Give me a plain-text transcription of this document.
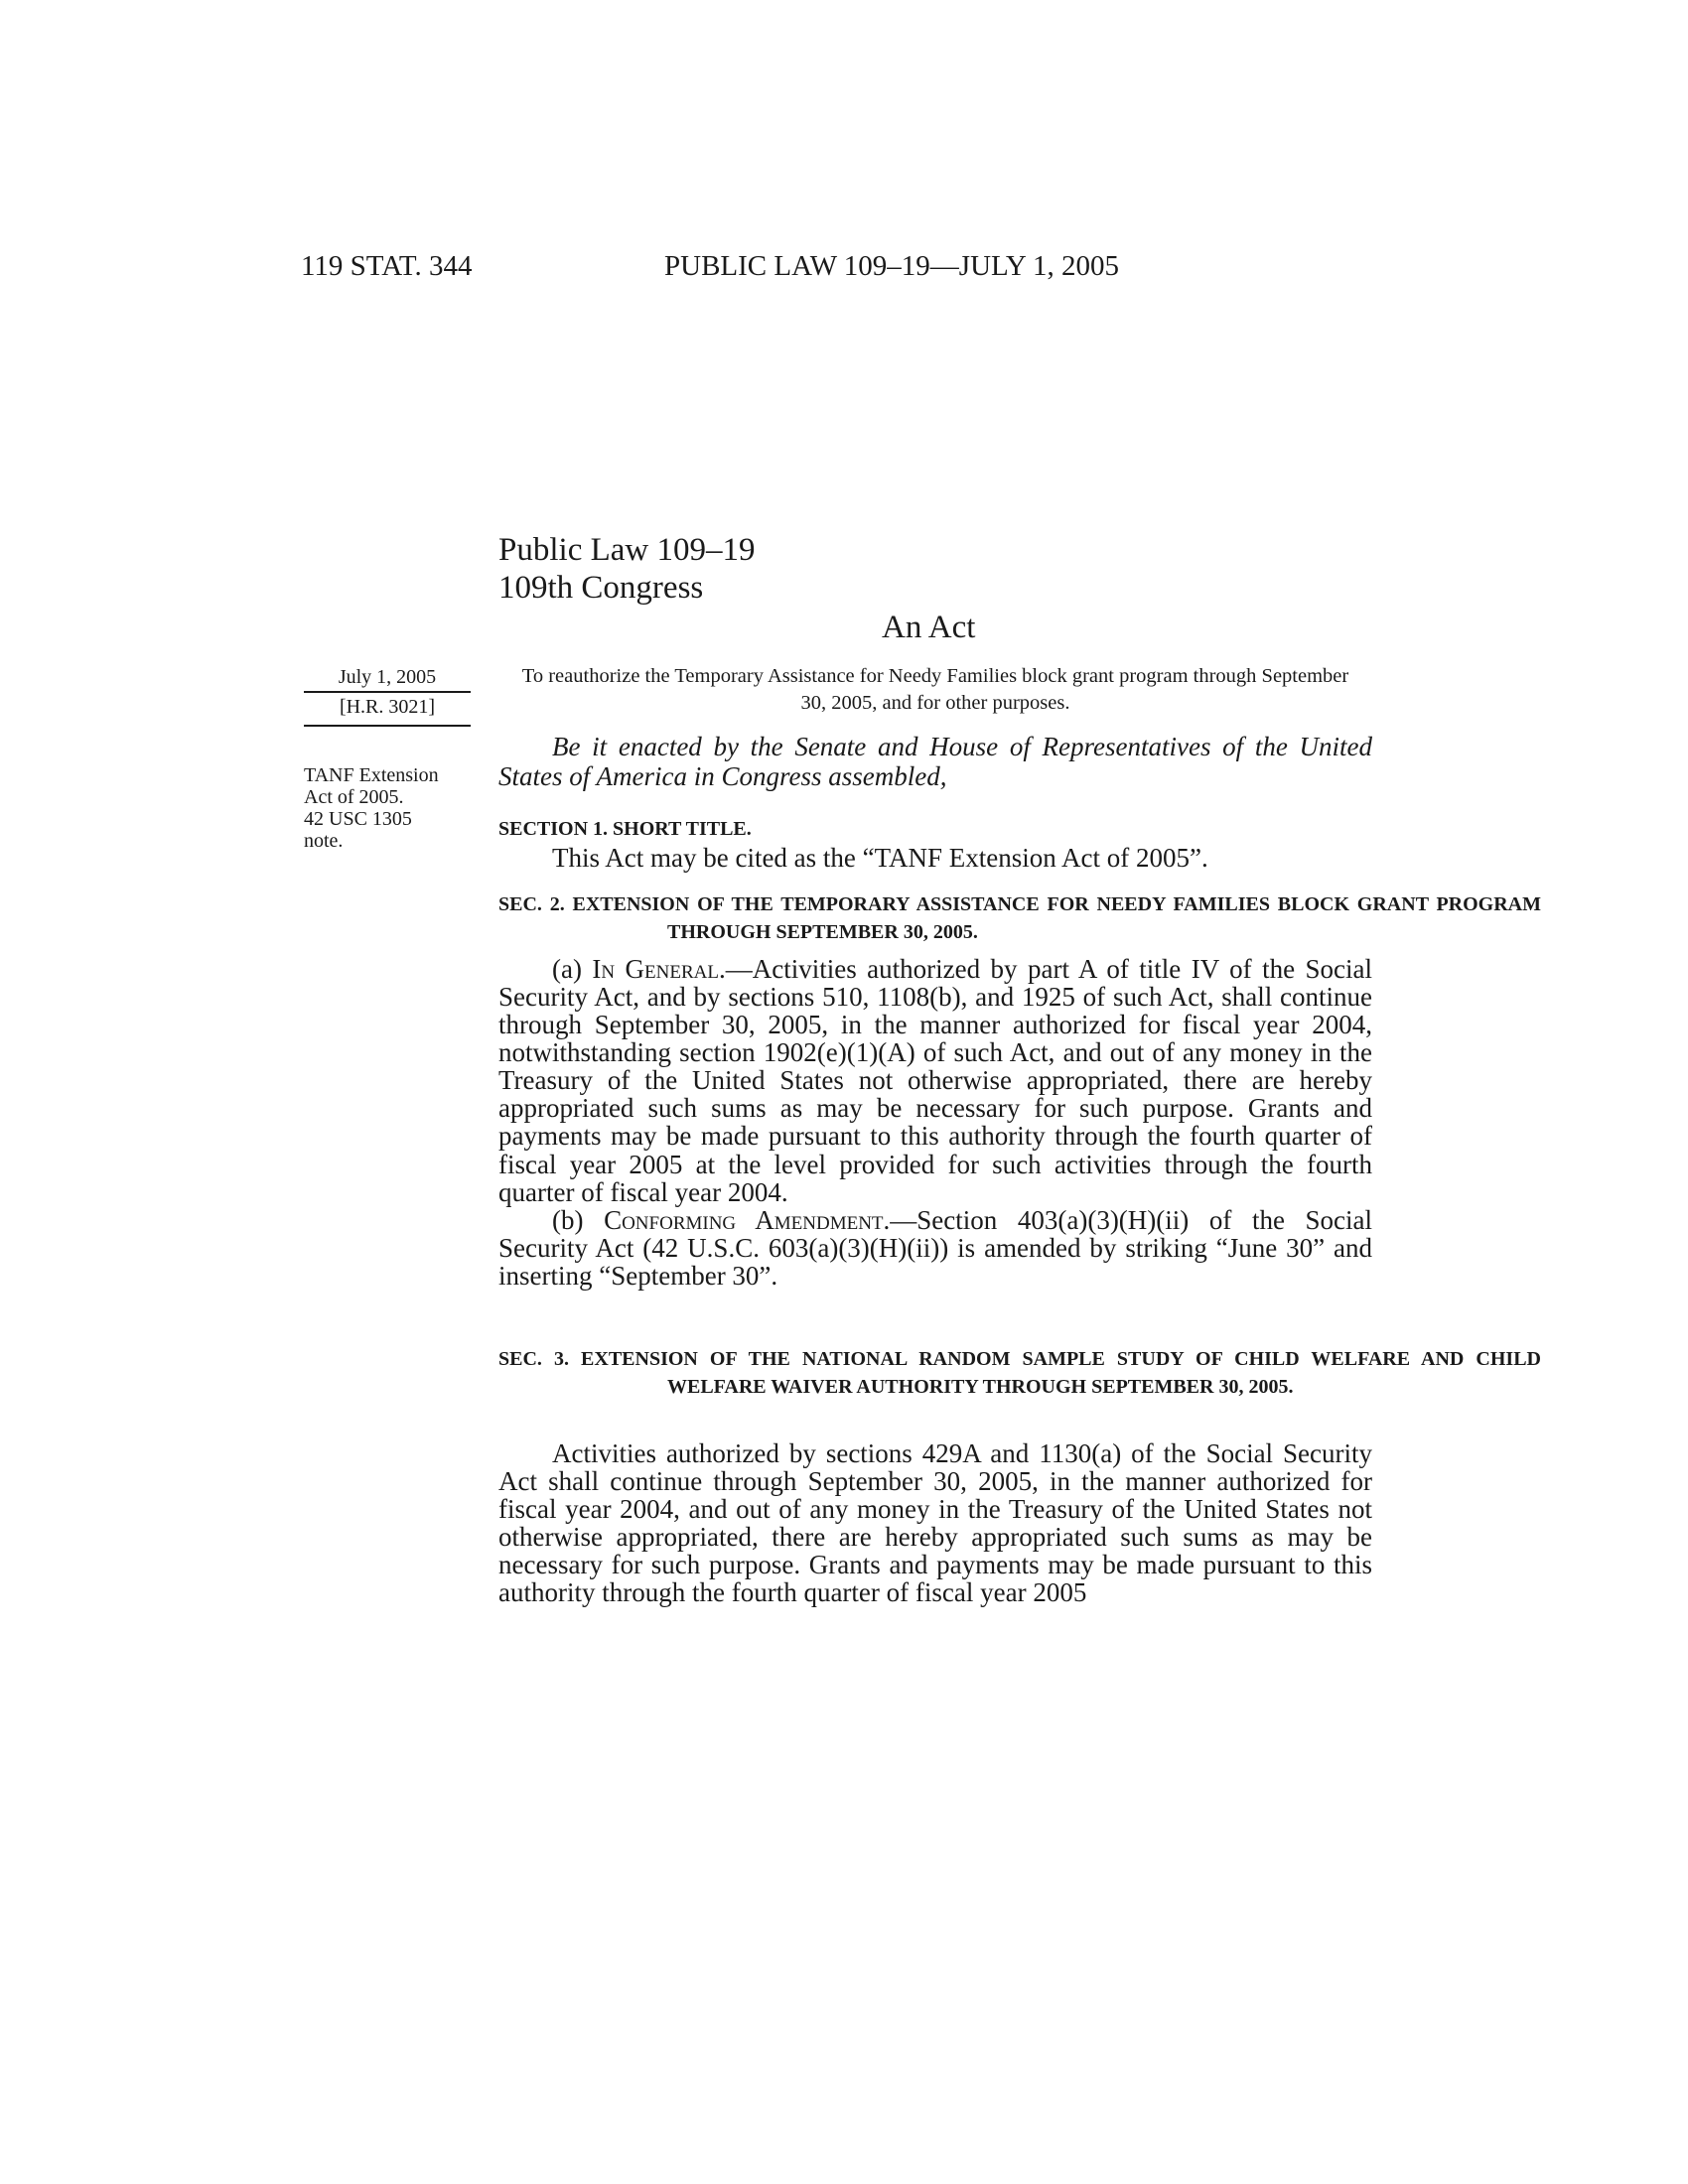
119 STAT. 344	PUBLIC LAW 109–19—JULY 1, 2005
Public Law 109–19
109th Congress
An Act
July 1, 2005
[H.R. 3021]
TANF Extension
Act of 2005.
42 USC 1305
note.
To reauthorize the Temporary Assistance for Needy Families block grant program through September 30, 2005, and for other purposes.
Be it enacted by the Senate and House of Representatives of the United States of America in Congress assembled,
SECTION 1. SHORT TITLE.

This Act may be cited as the “TANF Extension Act of 2005”.

SEC. 2. EXTENSION OF THE TEMPORARY ASSISTANCE FOR NEEDY FAMILIES BLOCK GRANT PROGRAM THROUGH SEPTEMBER 30, 2005.

(a) In General.—Activities authorized by part A of title IV of the Social Security Act, and by sections 510, 1108(b), and 1925 of such Act, shall continue through September 30, 2005, in the manner authorized for fiscal year 2004, notwithstanding section 1902(e)(1)(A) of such Act, and out of any money in the Treasury of the United States not otherwise appropriated, there are hereby appropriated such sums as may be necessary for such purpose. Grants and payments may be made pursuant to this authority through the fourth quarter of fiscal year 2005 at the level provided for such activities through the fourth quarter of fiscal year 2004.

(b) Conforming Amendment.—Section 403(a)(3)(H)(ii) of the Social Security Act (42 U.S.C. 603(a)(3)(H)(ii)) is amended by striking “June 30” and inserting “September 30”.

SEC. 3. EXTENSION OF THE NATIONAL RANDOM SAMPLE STUDY OF CHILD WELFARE AND CHILD WELFARE WAIVER AUTHORITY THROUGH SEPTEMBER 30, 2005.

Activities authorized by sections 429A and 1130(a) of the Social Security Act shall continue through September 30, 2005, in the manner authorized for fiscal year 2004, and out of any money in the Treasury of the United States not otherwise appropriated, there are hereby appropriated such sums as may be necessary for such purpose. Grants and payments may be made pursuant to this authority through the fourth quarter of fiscal year 2005
